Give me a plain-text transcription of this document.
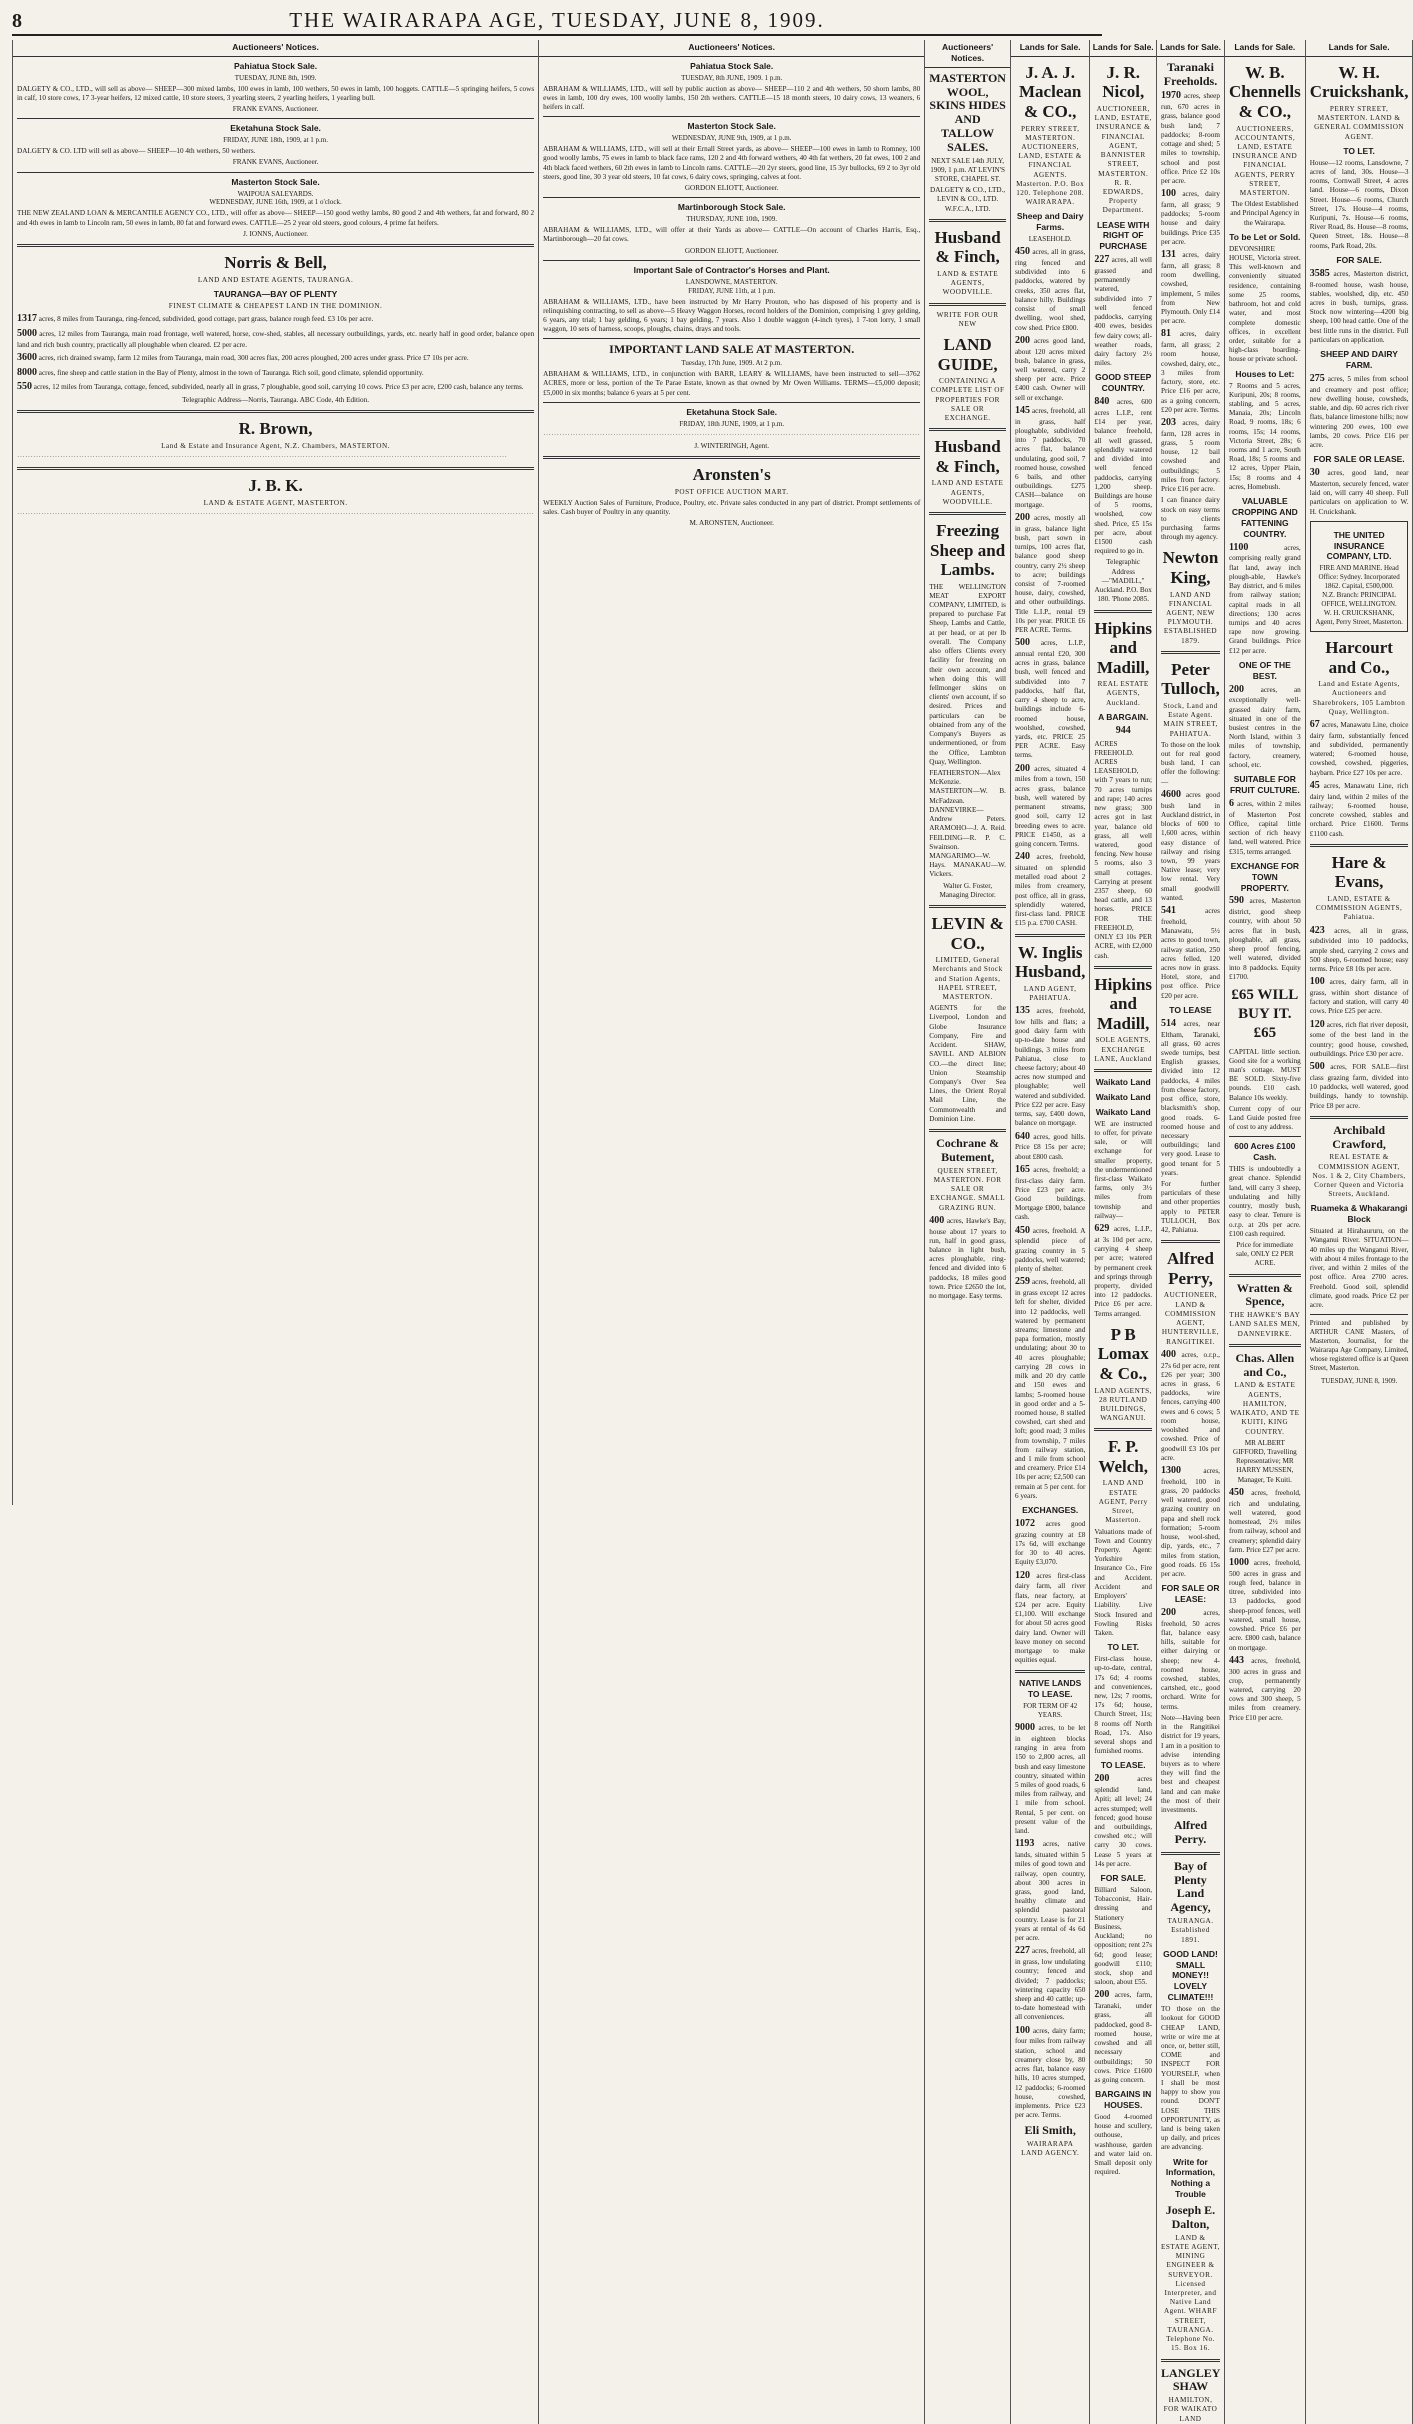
8	THE WAIRARAPA AGE, TUESDAY, JUNE 8, 1909.
Auctioneers' Notices.
Pahiatua Stock Sale.
TUESDAY, JUNE 8th, 1909.

DALGETY & CO., LTD., will sell as above— SHEEP—300 mixed lambs, 100 ewes in lamb, 100 wethers, 50 ewes in lamb, 100 hoggets. CATTLE—5 springing heifers, 5 cows in calf, 10 store cows, 17 3-year heifers, 12 mixed cattle, 10 store steers, 3 yearling steers, 2 yearling heifers, 1 yearling bull.

FRANK EVANS, Auctioneer.
Eketahuna Stock Sale.
FRIDAY, JUNE 18th, 1909, at 1 p.m.

DALGETY & CO. LTD will sell as above— SHEEP—10 4th wethers, 50 wethers.

FRANK EVANS, Auctioneer.
Masterton Stock Sale.
WAIPOUA SALEYARDS.
WEDNESDAY, JUNE 16th, 1909, at 1 o'clock.

THE NEW ZEALAND LOAN & MERCANTILE AGENCY CO., LTD., will offer as above— SHEEP—150 good wethy lambs, 80 good 2 and 4th wethers, fat and forward, 80 2 and 4th ewes in lamb to Lincoln ram, 50 ewes in lamb, 80 fat and forward ewes. CATTLE—25 2 year old steers, good colours, 4 prime fat heifers.

J. IONNS, Auctioneer.
Norris & Bell,
LAND AND ESTATE AGENTS, TAURANGA.
TAURANGA—BAY OF PLENTY
FINEST CLIMATE & CHEAPEST LAND IN THE DOMINION.

1317 acres, 8 miles from Tauranga, ring-fenced, subdivided, good cottage, part grass, balance rough feed. £3 10s per acre.

5000 acres, 12 miles from Tauranga, main road frontage, well watered, horse, cow-shed, stables, all necessary outbuildings, yards, etc. nearly half in good order, balance open land and rich bush country, practically all ploughable when cleared. £2 per acre.

3600 acres, rich drained swamp, farm 12 miles from Tauranga, main road, 300 acres flax, 200 acres ploughed, 200 acres under grass. Price £7 10s per acre.

8000 acres, fine sheep and cattle station in the Bay of Plenty, almost in the town of Tauranga. Rich soil, good climate, splendid opportunity.

550 acres, 12 miles from Tauranga, cottage, fenced, subdivided, nearly all in grass, 7 ploughable, good soil, carrying 10 cows. Price £3 per acre, £200 cash, balance any terms.

Telegraphic Address—Norris, Tauranga. ABC Code, 4th Edition.
R. Brown,
Land & Estate and Insurance Agent, N.Z. Chambers, MASTERTON.

······················································································································································································

J. B. K.
LAND & ESTATE AGENT, MASTERTON.

································································································································································································

Auctioneers' Notices.
Pahiatua Stock Sale.
TUESDAY, 8th JUNE, 1909. 1 p.m.

ABRAHAM & WILLIAMS, LTD., will sell by public auction as above— SHEEP—110 2 and 4th wethers, 50 shorn lambs, 80 ewes in lamb, 100 dry ewes, 100 woolly lambs, 150 2th wethers. CATTLE—15 18 month steers, 10 dairy cows, 13 weaners, 6 heifers in calf.

Masterton Stock Sale.
WEDNESDAY, JUNE 9th, 1909, at 1 p.m.

ABRAHAM & WILLIAMS, LTD., will sell at their Ernall Street yards, as above— SHEEP—100 ewes in lamb to Romney, 100 good woolly lambs, 75 ewes in lamb to black face rams, 120 2 and 4th forward wethers, 40 4th fat wethers, 20 fat ewes, 100 2 and 4th black faced wethers, 60 2th ewes in lamb to Lincoln rams. CATTLE—20 2yr steers, good line, 15 3yr bullocks, 69 2 to 3yr old steers, good line, 30 3 year old steers, 10 fat cows, 6 dairy cows, springing, calves at foot.

GORDON ELIOTT, Auctioneer.
Martinborough Stock Sale.
THURSDAY, JUNE 10th, 1909.

ABRAHAM & WILLIAMS, LTD., will offer at their Yards as above— CATTLE—On account of Charles Harris, Esq., Martinborough—20 fat cows.

GORDON ELIOTT, Auctioneer.
Important Sale of Contractor's Horses and Plant.
LANSDOWNE, MASTERTON.
FRIDAY, JUNE 11th, at 1 p.m.

ABRAHAM & WILLIAMS, LTD., have been instructed by Mr Harry Prouton, who has disposed of his property and is relinquishing contracting, to sell as above—5 Heavy Waggon Horses, record holders of the Dominion, comprising 1 grey gelding, 6 years, any trial; 1 bay gelding, 6 years; 1 bay gelding, 7 years. Also 1 double waggon (4-inch tyres), 1 7-ton lorry, 1 small waggon, 10 sets of harness, scoops, ploughs, chains, drays and tools.

IMPORTANT LAND SALE AT MASTERTON.
Tuesday, 17th June, 1909. At 2 p.m.

ABRAHAM & WILLIAMS, LTD., in conjunction with BARR, LEARY & WILLIAMS, have been instructed to sell—3762 ACRES, more or less, portion of the Te Parae Estate, known as that owned by Mr Owen Williams. TERMS—£5,000 deposit; £5,000 in six months; balance 6 years at 5 per cent.

Eketahuna Stock Sale.
FRIDAY, 18th JUNE, 1909, at 1 p.m.

············································································································································

J. WINTERINGH, Agent.
Aronsten's
POST OFFICE AUCTION MART.

WEEKLY Auction Sales of Furniture, Produce, Poultry, etc. Private sales conducted in any part of district. Prompt settlements of sales. Cash buyer of Poultry in any quantity.

M. ARONSTEN, Auctioneer.
Auctioneers' Notices.
MASTERTON WOOL, SKINS HIDES AND TALLOW SALES.

NEXT SALE 14th JULY, 1909, 1 p.m. AT LEVIN'S STORE, CHAPEL ST.

DALGETY & CO., LTD., LEVIN & CO., LTD. W.F.C.A., LTD.
Husband & Finch,
LAND & ESTATE AGENTS, WOODVILLE.
WRITE FOR OUR NEW
LAND GUIDE,
CONTAINING A COMPLETE LIST OF PROPERTIES FOR SALE OR EXCHANGE.
Husband & Finch,
LAND AND ESTATE AGENTS, WOODVILLE.
Freezing Sheep and Lambs.

THE WELLINGTON MEAT EXPORT COMPANY, LIMITED, is prepared to purchase Fat Sheep, Lambs and Cattle, at per head, or at per lb overall. The Company also offers Clients every facility for freezing on their own account, and when doing this will fellmonger skins on clients' own account, if so desired. Prices and particulars can be obtained from any of the Company's Buyers as undermentioned, or from the Office, Lambton Quay, Wellington.

FEATHERSTON—Alex McKenzie. MASTERTON—W. B. McFadzean. DANNEVIRKE—Andrew Peters. ARAMOHO—J. A. Reid. FEILDING—R. P. C. Swainson. MANGARIMO—W. Hays. MANAKAU—W. Vickers.

Walter G. Foster, Managing Director.
LEVIN & CO.,
LIMITED, General Merchants and Stock and Station Agents, HAPEL STREET, MASTERTON.

AGENTS for the Liverpool, London and Globe Insurance Company, Fire and Accident. SHAW, SAVILL AND ALBION CO.—the direct line; Union Steamship Company's Over Sea Lines, the Orient Royal Mail Line, the Commonwealth and Dominion Line.

Cochrane & Butement,
QUEEN STREET, MASTERTON. FOR SALE OR EXCHANGE. SMALL GRAZING RUN.

400 acres, Hawke's Bay, house about 17 years to run, half in good grass, balance in light bush, acres ploughable, ring-fenced and divided into 6 paddocks, 18 miles good town. Price £2650 the lot, no mortgage. Easy terms.

Lands for Sale.
J. A. J. Maclean & CO.,
PERRY STREET, MASTERTON. AUCTIONEERS, LAND, ESTATE & FINANCIAL AGENTS. Masterton. P.O. Box 120. Telephone 208. WAIRARAPA.
Sheep and Dairy Farms.
LEASEHOLD.

450 acres, all in grass, ring fenced and subdivided into 6 paddocks, watered by creeks, 350 acres flat, balance hilly. Buildings consist of small dwelling, wool shed, cow shed. Price £800.

200 acres good land, about 120 acres mixed bush, balance in grass, well watered, carry 2 sheep per acre. Price £400 cash. Owner will sell or exchange.

145 acres, freehold, all in grass, half ploughable, subdivided into 7 paddocks, 70 acres flat, balance undulating, good soil, 7 roomed house, cowshed 6 bails, and other outbuildings. £275 CASH—balance on mortgage.

200 acres, mostly all in grass, balance light bush, part sown in turnips, 100 acres flat, balance good sheep country, carry 2½ sheep to acre; buildings consist of 7-roomed house, dairy, cowshed, and other outbuildings. Title L.I.P., rental £9 10s per year. PRICE £6 PER ACRE. Terms.

500 acres, L.I.P., annual rental £20, 300 acres in grass, balance bush, well fenced and subdivided into 7 paddocks, half flat, carry 4 sheep to acre, buildings include 6-roomed house, woolshed, cowshed, yards, etc. PRICE 25 PER ACRE. Easy terms.

200 acres, situated 4 miles from a town, 150 acres grass, balance bush, well watered by permanent streams, good soil, carry 12 breeding ewes to acre. PRICE £1450, as a going concern. Terms.

240 acres, freehold, situated on splendid metalled road about 2 miles from creamery, post office, all in grass, splendidly watered, first-class land. PRICE £15 p.a. £700 CASH.

W. Inglis Husband,
LAND AGENT, PAHIATUA.

135 acres, freehold, low hills and flats; a good dairy farm with up-to-date house and buildings, 3 miles from Pahiatua, close to cheese factory; about 40 acres now stumped and ploughable; well watered and subdivided. Price £22 per acre. Easy terms, say, £400 down, balance on mortgage.

640 acres, good hills. Price £8 15s per acre; about £800 cash.

165 acres, freehold; a first-class dairy farm. Price £23 per acre. Good buildings. Mortgage £800, balance cash.

450 acres, freehold. A splendid piece of grazing country in 5 paddocks, well watered; plenty of shelter.

259 acres, freehold, all in grass except 12 acres left for shelter, divided into 12 paddocks, well watered by permanent streams; limestone and papa formation, mostly undulating; about 30 to 40 acres ploughable; carrying 28 cows in milk and 20 dry cattle and 150 ewes and lambs; 5-roomed house in good order and a 5-roomed house, 8 stalled cowshed, cart shed and loft; good road; 3 miles from township, 7 miles from railway station, and 1 mile from school and creamery. Price £14 10s per acre; £2,500 can remain at 5 per cent. for 6 years.

EXCHANGES.

1072 acres good grazing country at £8 17s 6d, will exchange for 30 to 40 acres. Equity £3,070.

120 acres first-class dairy farm, all river flats, near factory, at £24 per acre. Equity £1,100. Will exchange for about 50 acres good dairy land. Owner will leave money on second mortgage to make equities equal.

NATIVE LANDS TO LEASE.
FOR TERM OF 42 YEARS.

9000 acres, to be let in eighteen blocks ranging in area from 150 to 2,800 acres, all bush and easy limestone country, situated within 5 miles of good roads, 6 miles from railway, and 1 mile from school. Rental, 5 per cent. on present value of the land.

1193 acres, native lands, situated within 5 miles of good town and railway, open country, about 300 acres in grass, good land, healthy climate and splendid pastoral country. Lease is for 21 years at rental of 4s 6d per acre.

227 acres, freehold, all in grass, low undulating country; fenced and divided; 7 paddocks; wintering capacity 650 sheep and 40 cattle; up-to-date homestead with all conveniences.

100 acres, dairy farm; four miles from railway station, school and creamery close by, 80 acres flat, balance easy hills, 10 acres stumped, 12 paddocks; 6-roomed house, cowshed, implements. Price £23 per acre. Terms.

Eli Smith,
WAIRARAPA LAND AGENCY.
Lands for Sale.
J. R. Nicol,
AUCTIONEER, LAND, ESTATE, INSURANCE & FINANCIAL AGENT, BANNISTER STREET, MASTERTON. R. R. EDWARDS, Property Department.
LEASE WITH RIGHT OF PURCHASE

227 acres, all well grassed and permanently watered, subdivided into 7 well fenced paddocks, carrying 400 ewes, besides few dairy cows; all-weather roads, dairy factory 2½ miles.

GOOD STEEP COUNTRY.

840 acres, 600 acres L.I.P., rent £14 per year, balance freehold, all well grassed, splendidly watered and divided into well fenced paddocks, carrying 1,200 sheep. Buildings are house of 5 rooms, woolshed, cow shed. Price, £5 15s per acre, about £1500 cash required to go in.

Telegraphic Address—"MADILL," Auckland. P.O. Box 180. 'Phone 2085.
Hipkins and Madill,
REAL ESTATE AGENTS, Auckland.
A BARGAIN.
944

ACRES FREEHOLD. ACRES LEASEHOLD, with 7 years to run; 70 acres turnips and rape; 140 acres new grass; 300 acres got in last year, balance old grass, all well watered, good fencing. New house 5 rooms, also 3 small cottages. Carrying at present 2357 sheep, 60 head cattle, and 13 horses. PRICE FOR THE FREEHOLD, ONLY £3 10s PER ACRE, with £2,000 cash.

Hipkins and Madill,
SOLE AGENTS, EXCHANGE LANE, Auckland
Waikato Land
Waikato Land
Waikato Land

WE are instructed to offer, for private sale, or will exchange for smaller property, the undermentioned first-class Waikato farms, only 3½ miles from township and railway—

629 acres, L.I.P., at 3s 10d per acre, carrying 4 sheep per acre; watered by permanent creek and springs through property, divided into 12 paddocks. Price £6 per acre. Terms arranged.

P B Lomax & Co.,
LAND AGENTS, 28 RUTLAND BUILDINGS, WANGANUI.
F. P. Welch,
LAND AND ESTATE AGENT, Perry Street, Masterton.

Valuations made of Town and Country Property. Agent: Yorkshire Insurance Co., Fire and Accident. Accident and Employers' Liability. Live Stock Insured and Fowling Risks Taken.

TO LET.

First-class house, up-to-date, central, 17s 6d; 4 rooms and conveniences, new, 12s; 7 rooms, 17s 6d; house, Church Street, 11s; 8 rooms off North Road, 17s. Also several shops and furnished rooms.

TO LEASE.

200	acres splendid land, Apiti; all level; 24 acres stumped; well fenced; good house and outbuildings, cowshed etc.; will carry 30 cows. Lease 5 years at 14s per acre.

FOR SALE.

Billiard Saloon, Tobacconist, Hair-dressing and Stationery Business, Auckland; no opposition; rent 27s 6d; good lease; goodwill £110; stock, shop and saloon, about £55.

200 acres, farm, Taranaki, under grass, all paddocked, good 8-roomed house, cowshed and all necessary outbuildings; 50 cows. Price £1600 as going concern.

BARGAINS IN HOUSES.

Good 4-roomed house and scullery, outhouse, washhouse, garden and water laid on. Small deposit only required.

Lands for Sale.
Taranaki Freeholds.

1970 acres, sheep run, 670 acres in grass, balance good bush land; 7 paddocks; 8-room cottage and shed; 5 miles to township, school and post office. Price £2 10s per acre.

100 acres, dairy farm, all grass; 9 paddocks; 5-room house and dairy buildings. Price £35 per acre.

131 acres, dairy farm, all grass; 8 room dwelling, cowshed, implement, 5 miles from New Plymouth. Only £14 per acre.

81 acres, dairy farm, all grass; 2 room house, cowshed, dairy, etc., 3 miles from factory, store, etc. Price £16 per acre, as a going concern, £20 per acre. Terms.

203 acres, dairy farm, 128 acres in grass, 5 room house, 12 bail cowshed and outbuildings; 5 miles from factory. Price £16 per acre.

I can finance dairy stock on easy terms to clients purchasing farms through my agency.

Newton King,
LAND AND FINANCIAL AGENT, NEW PLYMOUTH. ESTABLISHED 1879.
Peter Tulloch,
Stock, Land and Estate Agent. MAIN STREET, PAHIATUA.

To those on the look out for real good bush land, I can offer the following:—

4600 acres good bush land in Auckland district, in blocks of 600 to 1,600 acres, within easy distance of railway and rising town, 99 years Native lease; very low rental. Very small goodwill wanted.

541	acres freehold, Manawatu, 5½ acres to good town, railway station, 250 acres felled, 120 acres now in grass. Hotel, store, and post office. Price £20 per acre.

TO LEASE

514 acres, near Eltham, Taranaki, all grass, 60 acres swede turnips, best English grasses, divided into 12 paddocks, 4 miles from cheese factory, post office, store, blacksmith's shop, good roads. 6-roomed house and necessary outbuildings; land very good. Lease to good tenant for 5 years.

For further particulars of these and other properties apply to PETER TULLOCH, Box 42, Pahiatua.

Alfred Perry,
AUCTIONEER, LAND & COMMISSION AGENT, HUNTERVILLE, RANGITIKEI.

400 acres, o.r.p., 27s 6d per acre, rent £26 per year; 300 acres in grass, 6 paddocks, wire fences, carrying 400 ewes and 6 cows; 5 room house, woolshed and cowshed. Price of goodwill £3 10s per acre.

1300	acres, freehold, 100 in grass, 20 paddocks well watered, good grazing country on papa and shell rock formation; 5-room house, wool-shed, dip, yards, etc., 7 miles from station, good roads. £6 15s per acre.

FOR SALE OR LEASE:

200	acres, freehold, 50 acres flat, balance easy hills, suitable for either dairying or sheep; new 4-roomed house, cowshed, stables, cartshed, etc., good orchard. Write for terms.

Note—Having been in the Rangitikei district for 19 years, I am in a position to advise intending buyers as to where they will find the best and cheapest land and can make the most of their investments.

Alfred Perry.
Bay of Plenty Land Agency,
TAURANGA. Established 1891.
GOOD LAND! SMALL MONEY!! LOVELY CLIMATE!!!

TO those on the lookout for GOOD CHEAP LAND, write or wire me at once, or, better still, COME and INSPECT FOR YOURSELF, when I shall be most happy to show you round. DON'T LOSE THIS OPPORTUNITY, as land is being taken up daily, and prices are advancing.

Write for Information, Nothing a Trouble
Joseph E. Dalton,
LAND & ESTATE AGENT, MINING ENGINEER & SURVEYOR. Licensed Interpreter, and Native Land Agent. WHARF STREET, TAURANGA. Telephone No. 15. Box 16.
LANGLEY SHAW
HAMILTON, FOR WAIKATO LAND
Lands for Sale.
W. B. Chennells & CO.,
AUCTIONEERS, ACCOUNTANTS, LAND, ESTATE INSURANCE AND FINANCIAL AGENTS, PERRY STREET, MASTERTON.

The Oldest Established and Principal Agency in the Wairarapa.

To be Let or Sold.

DEVONSHIRE HOUSE, Victoria street. This well-known and conveniently situated residence, containing some 25 rooms, bathroom, hot and cold water, and most complete domestic offices, in excellent order, suitable for a high-class boarding-house or private school.

Houses to Let:

7 Rooms and 5 acres, Kuripuni, 20s; 8 rooms, stabling, and 5 acres, Manaia, 20s; Lincoln Road, 9 rooms, 18s; 6 rooms, 15s; 14 rooms, Victoria Street, 28s; 6 rooms and 1 acre, South Road, 18s; 5 rooms and 12 acres, Upper Plain, 15s; 8 rooms and 4 acres, Homebush.

VALUABLE CROPPING AND FATTENING COUNTRY.

1100	acres, comprising really grand flat land, away inch plough-able, Hawke's Bay district, and 6 miles from railway station; capital roads in all directions; 130 acres turnips and 40 acres rape now growing. Grand buildings. Price £12 per acre.

ONE OF THE BEST.

200 acres, an exceptionally well-grassed dairy farm, situated in one of the busiest centres in the North Island, within 3 miles of township, factory, creamery, school, etc.

SUITABLE FOR FRUIT CULTURE.

6 acres, within 2 miles of Masterton Post Office, capital little section of rich heavy land, well watered. Price £315, terms arranged.

EXCHANGE FOR TOWN PROPERTY.

590 acres, Masterton district, good sheep country, with about 50 acres flat in bush, ploughable, all grass, sheep proof fencing, well watered, divided into 8 paddocks. Equity £1700.

£65 WILL BUY IT. £65

CAPITAL little section. Good site for a working man's cottage. MUST BE SOLD. Sixty-five pounds. £10 cash. Balance 10s weekly.

Current copy of our Land Guide posted free of cost to any address.

600 Acres £100 Cash.

THIS is undoubtedly a great chance. Splendid land, will carry 3 sheep, undulating and hilly country, mostly bush, easy to clear. Tenure is o.r.p. at 20s per acre. £100 cash required.

Price for immediate sale, ONLY £2 PER ACRE.

Wratten & Spence,
THE HAWKE'S BAY LAND SALES MEN, DANNEVIRKE.
Chas. Allen and Co.,
LAND & ESTATE AGENTS, HAMILTON, WAIKATO, AND TE KUITI, KING COUNTRY.

MR ALBERT GIFFORD, Travelling Representative; MR HARRY MUSSEN, Manager, Te Kuiti.

450 acres, freehold, rich and undulating, well watered, good homestead, 2½ miles from railway, school and creamery; splendid dairy farm. Price £27 per acre.

1000 acres, freehold, 500 acres in grass and rough feed, balance in titree, subdivided into 13 paddocks, good sheep-proof fences, well watered, small house, cowshed. Price £6 per acre. £800 cash, balance on mortgage.

443 acres, freehold, 300 acres in grass and crop, permanently watered, carrying 20 cows and 300 sheep, 5 miles from creamery. Price £10 per acre.

Lands for Sale.
W. H. Cruickshank,
PERRY STREET, MASTERTON. LAND & GENERAL COMMISSION AGENT.
TO LET.

House—12 rooms, Lansdowne, 7 acres of land, 30s. House—3 rooms, Cornwall Street, 4 acres land. House—6 rooms, Dixon Street. House—6 rooms, Church Street, 17s. House—4 rooms, Kuripuni, 7s. House—6 rooms, River Road, 8s. House—8 rooms, Queen Street, 18s. House—8 rooms, Park Road, 20s.

FOR SALE.

3585 acres, Masterton district, 8-roomed house, wash house, stables, woolshed, dip, etc. 450 acres in bush, turnips, grass. Stock now wintering—4200 big sheep, 100 head cattle. One of the best little runs in the district. Full particulars on application.

SHEEP AND DAIRY FARM.

275 acres, 5 miles from school and creamery and post office; new dwelling house, cowsheds, stable, and dip. 60 acres rich river flats, balance limestone hills; now wintering 200 ewes, 100 ewe lambs, 20 cows. Price £16 per acre.

FOR SALE OR LEASE.

30 acres, good land, near Masterton, securely fenced, water laid on, will carry 40 sheep. Full particulars on application to W. H. Cruickshank.

THE UNITED INSURANCE COMPANY, LTD.
FIRE AND MARINE. Head Office: Sydney. Incorporated 1862. Capital, £500,000.
N.Z. Branch: PRINCIPAL OFFICE, WELLINGTON.
W. H. CRUICKSHANK, Agent, Perry Street, Masterton.
Harcourt and Co.,
Land and Estate Agents, Auctioneers and Sharebrokers, 105 Lambton Quay, Wellington.

67 acres, Manawatu Line, choice dairy farm, substantially fenced and subdivided, permanently watered; 6-roomed house, cowshed, cowshed, piggeries, haybarn. Price £27 10s per acre.

45 acres, Manawatu Line, rich dairy land, within 2 miles of the railway; 6-roomed house, concrete cowshed, stables and orchard. Price £1600. Terms £1100 cash.

Hare & Evans,
LAND, ESTATE & COMMISSION AGENTS, Pahiatua.

423 acres, all in grass, subdivided into 10 paddocks, ample shed, carrying 2 cows and 500 sheep, 6-roomed house; easy terms. Price £8 10s per acre.

100 acres, dairy farm, all in grass, within short distance of factory and station, will carry 40 cows. Price £25 per acre.

120 acres, rich flat river deposit, some of the best land in the country; good house, cowshed, outbuildings. Price £30 per acre.

500 acres, FOR SALE—first class grazing farm, divided into 10 paddocks, well watered, good buildings, handy to township. Price £8 per acre.

Archibald Crawford,
REAL ESTATE & COMMISSION AGENT, Nos. 1 & 2, City Chambers, Corner Queen and Victoria Streets, Auckland.
Ruameka & Whakarangi Block

Situated at Hirahaururu, on the Wanganui River. SITUATION—40 miles up the Wanganui River, with about 4 miles frontage to the river, and within 2 miles of the post office. Area 2700 acres. Freehold. Good soil, splendid climate, good roads. Price £2 per acre.

Printed and published by ARTHUR CANE Masters, of Masterton, Journalist, for the Wairarapa Age Company, Limited, whose registered office is at Queen Street, Masterton.

TUESDAY, JUNE 8, 1909.
